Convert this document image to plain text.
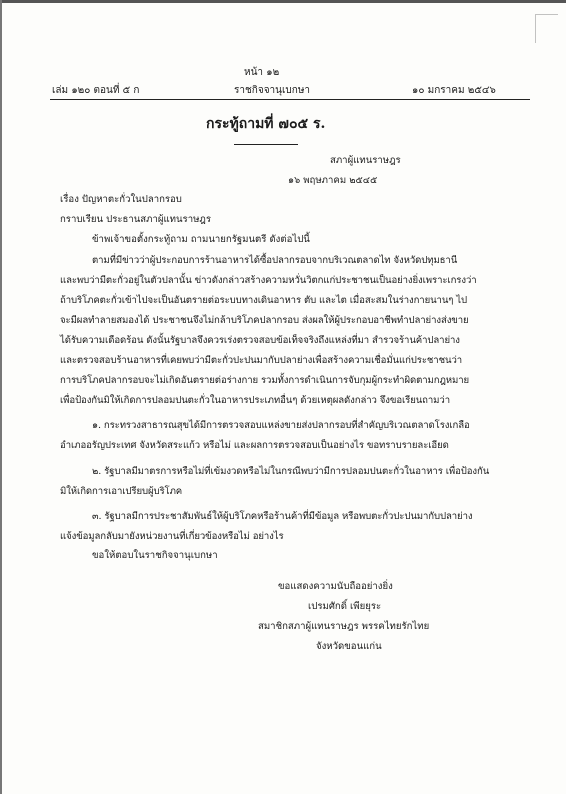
หน้า ๑๒
เล่ม ๑๒๐ ตอนที่ ๕ ก	ราชกิจจานุเบกษา	๑๐ มกราคม ๒๕๔๖
กระทู้ถามที่ ๗๐๕ ร.
สภาผู้แทนราษฎร
๑๖ พฤษภาคม ๒๕๔๕
เรื่อง ปัญหาตะกั่วในปลากรอบ
กราบเรียน ประธานสภาผู้แทนราษฎร
ข้าพเจ้าขอตั้งกระทู้ถาม ถามนายกรัฐมนตรี ดังต่อไปนี้
ตามที่มีข่าวว่าผู้ประกอบการร้านอาหารได้ซื้อปลากรอบจากบริเวณตลาดไท จังหวัดปทุมธานี
และพบว่ามีตะกั่วอยู่ในตัวปลานั้น ข่าวดังกล่าวสร้างความหวั่นวิตกแก่ประชาชนเป็นอย่างยิ่งเพราะเกรงว่า
ถ้าบริโภคตะกั่วเข้าไปจะเป็นอันตรายต่อระบบทางเดินอาหาร ตับ และไต เมื่อสะสมในร่างกายนานๆ ไป
จะมีผลทำลายสมองได้ ประชาชนจึงไม่กล้าบริโภคปลากรอบ ส่งผลให้ผู้ประกอบอาชีพทำปลาย่างส่งขาย
ได้รับความเดือดร้อน ดังนั้นรัฐบาลจึงควรเร่งตรวจสอบข้อเท็จจริงถึงแหล่งที่มา สำรวจร้านค้าปลาย่าง
และตรวจสอบร้านอาหารที่เคยพบว่ามีตะกั่วปะปนมากับปลาย่างเพื่อสร้างความเชื่อมั่นแก่ประชาชนว่า
การบริโภคปลากรอบจะไม่เกิดอันตรายต่อร่างกาย รวมทั้งการดำเนินการจับกุมผู้กระทำผิดตามกฎหมาย
เพื่อป้องกันมิให้เกิดการปลอมปนตะกั่วในอาหารประเภทอื่นๆ ด้วยเหตุผลดังกล่าว จึงขอเรียนถามว่า
๑. กระทรวงสาธารณสุขได้มีการตรวจสอบแหล่งขายส่งปลากรอบที่สำคัญบริเวณตลาดโรงเกลือ
อำเภออรัญประเทศ จังหวัดสระแก้ว หรือไม่ และผลการตรวจสอบเป็นอย่างไร ขอทราบรายละเอียด
๒. รัฐบาลมีมาตรการหรือไม่ที่เข้มงวดหรือไม่ในกรณีพบว่ามีการปลอมปนตะกั่วในอาหาร เพื่อป้องกัน
มิให้เกิดการเอาเปรียบผู้บริโภค
๓. รัฐบาลมีการประชาสัมพันธ์ให้ผู้บริโภคหรือร้านค้าที่มีข้อมูล หรือพบตะกั่วปะปนมากับปลาย่าง
แจ้งข้อมูลกลับมายังหน่วยงานที่เกี่ยวข้องหรือไม่ อย่างไร
ขอให้ตอบในราชกิจจานุเบกษา
ขอแสดงความนับถืออย่างยิ่ง
เปรมศักดิ์ เพียยุระ
สมาชิกสภาผู้แทนราษฎร พรรคไทยรักไทย
จังหวัดขอนแก่น
